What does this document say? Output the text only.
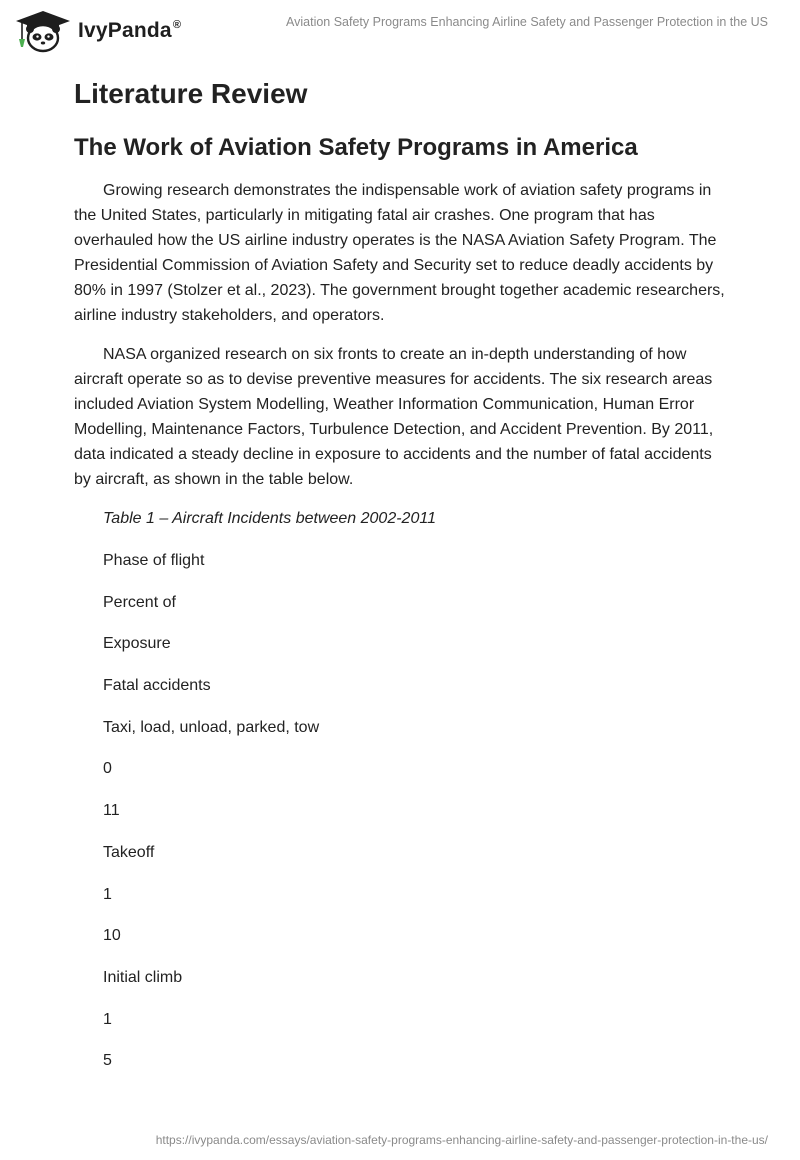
IvyPanda®	Aviation Safety Programs Enhancing Airline Safety and Passenger Protection in the US
Literature Review
The Work of Aviation Safety Programs in America

Growing research demonstrates the indispensable work of aviation safety programs in the United States, particularly in mitigating fatal air crashes. One program that has overhauled how the US airline industry operates is the NASA Aviation Safety Program. The Presidential Commission of Aviation Safety and Security set to reduce deadly accidents by 80% in 1997 (Stolzer et al., 2023). The government brought together academic researchers, airline industry stakeholders, and operators.

NASA organized research on six fronts to create an in-depth understanding of how aircraft operate so as to devise preventive measures for accidents. The six research areas included Aviation System Modelling, Weather Information Communication, Human Error Modelling, Maintenance Factors, Turbulence Detection, and Accident Prevention. By 2011, data indicated a steady decline in exposure to accidents and the number of fatal accidents by aircraft, as shown in the table below.

Table 1 – Aircraft Incidents between 2002-2011

Phase of flight

Percent of

Exposure

Fatal accidents

Taxi, load, unload, parked, tow

0

11

Takeoff

1

10

Initial climb

1

5

https://ivypanda.com/essays/aviation-safety-programs-enhancing-airline-safety-and-passenger-protection-in-the-us/
